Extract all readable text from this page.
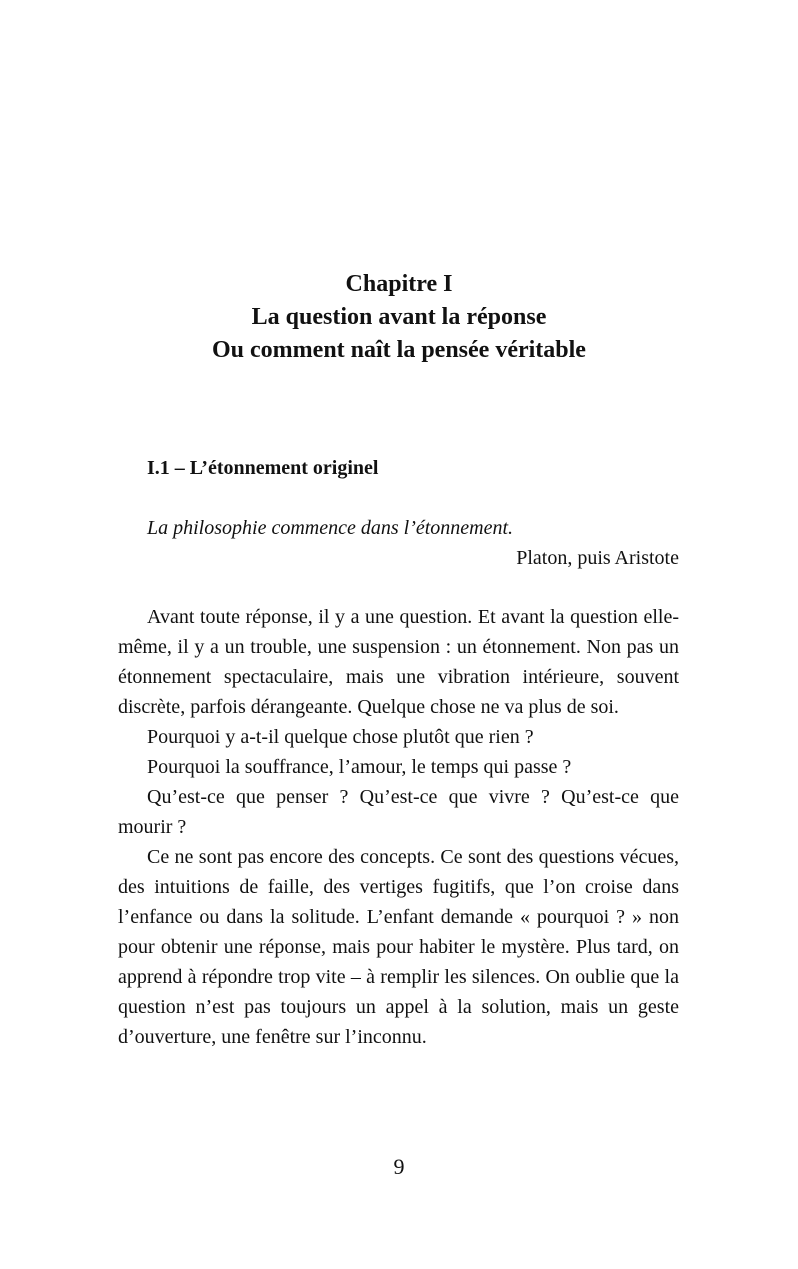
Chapitre I
La question avant la réponse
Ou comment naît la pensée véritable
I.1 – L’étonnement originel
La philosophie commence dans l’étonnement.
Platon, puis Aristote

Avant toute réponse, il y a une question. Et avant la question elle-même, il y a un trouble, une suspension : un étonnement. Non pas un étonnement spectaculaire, mais une vibration intérieure, souvent discrète, parfois dérangeante. Quelque chose ne va plus de soi.

Pourquoi y a-t-il quelque chose plutôt que rien ?

Pourquoi la souffrance, l’amour, le temps qui passe ?

Qu’est-ce que penser ? Qu’est-ce que vivre ? Qu’est-ce que mourir ?

Ce ne sont pas encore des concepts. Ce sont des questions vécues, des intuitions de faille, des vertiges fugitifs, que l’on croise dans l’enfance ou dans la solitude. L’enfant demande « pourquoi ? » non pour obtenir une réponse, mais pour habiter le mystère. Plus tard, on apprend à répondre trop vite – à remplir les silences. On oublie que la question n’est pas toujours un appel à la solution, mais un geste d’ouverture, une fenêtre sur l’inconnu.

9
